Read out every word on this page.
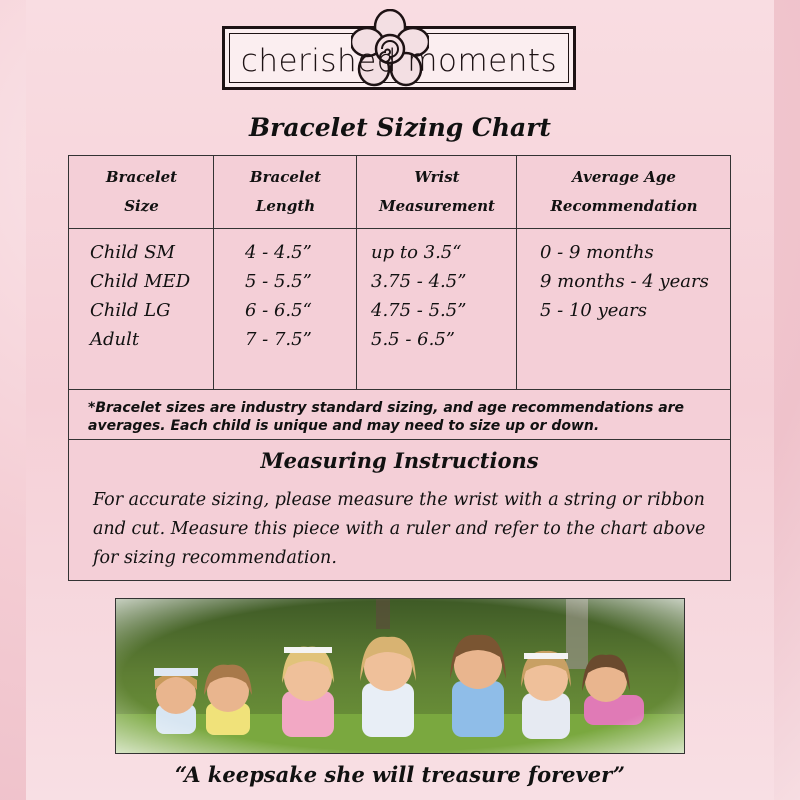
cherished moments
Bracelet Sizing Chart
Bracelet
Size
Bracelet
Length
Wrist
Measurement
Average Age
Recommendation
Child SM
Child MED
Child LG
Adult
4 - 4.5”
5 - 5.5”
6 - 6.5“
7 - 7.5”
up to 3.5“
3.75 - 4.5”
4.75 - 5.5”
5.5 - 6.5”
0 - 9 months
9 months - 4 years
5 - 10 years
*Bracelet sizes are industry standard sizing, and age recommendations are averages. Each child is unique and may need to size up or down.
Measuring Instructions
For accurate sizing, please measure the wrist with a string or ribbon and cut. Measure this piece with a ruler and refer to the chart above for sizing recommendation.
“A keepsake she will treasure forever”
